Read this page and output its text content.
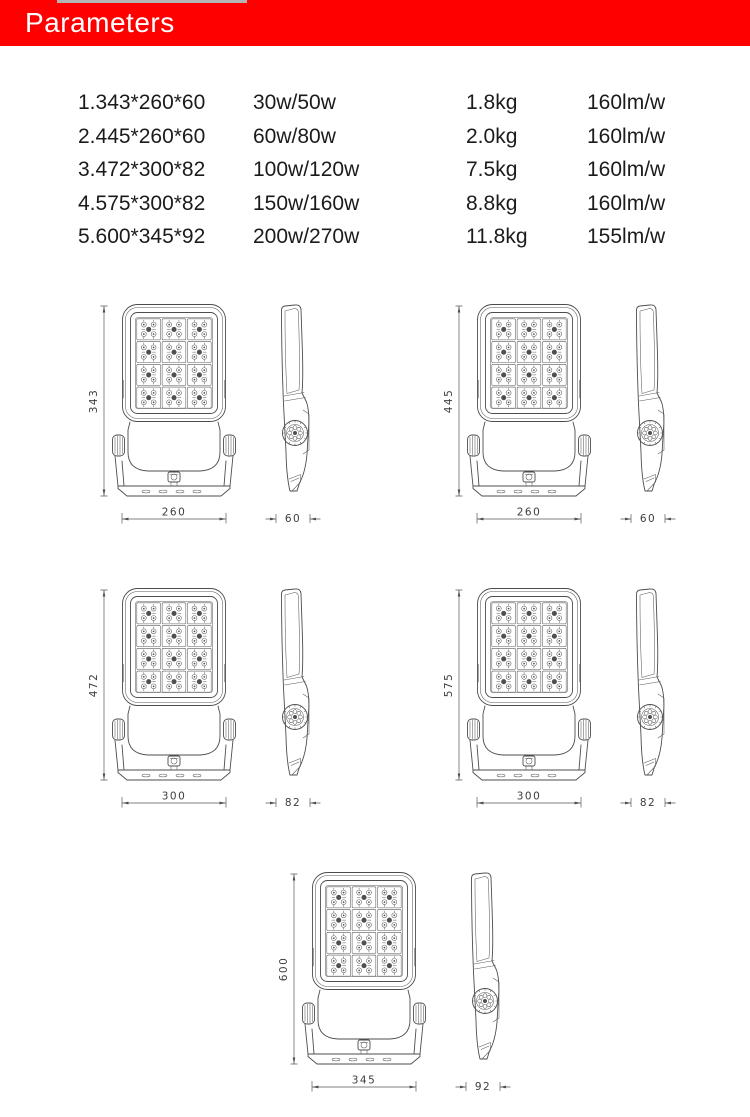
Parameters
1.343*260*60	30w/50w	1.8kg	160lm/w
2.445*260*60	60w/80w	2.0kg	160lm/w
3.472*300*82	100w/120w	7.5kg	160lm/w
4.575*300*82	150w/160w	8.8kg	160lm/w
5.600*345*92	200w/270w	11.8kg	155lm/w
343
260
60
445
260
60
472
300
82
575
300
82
600
345
92
